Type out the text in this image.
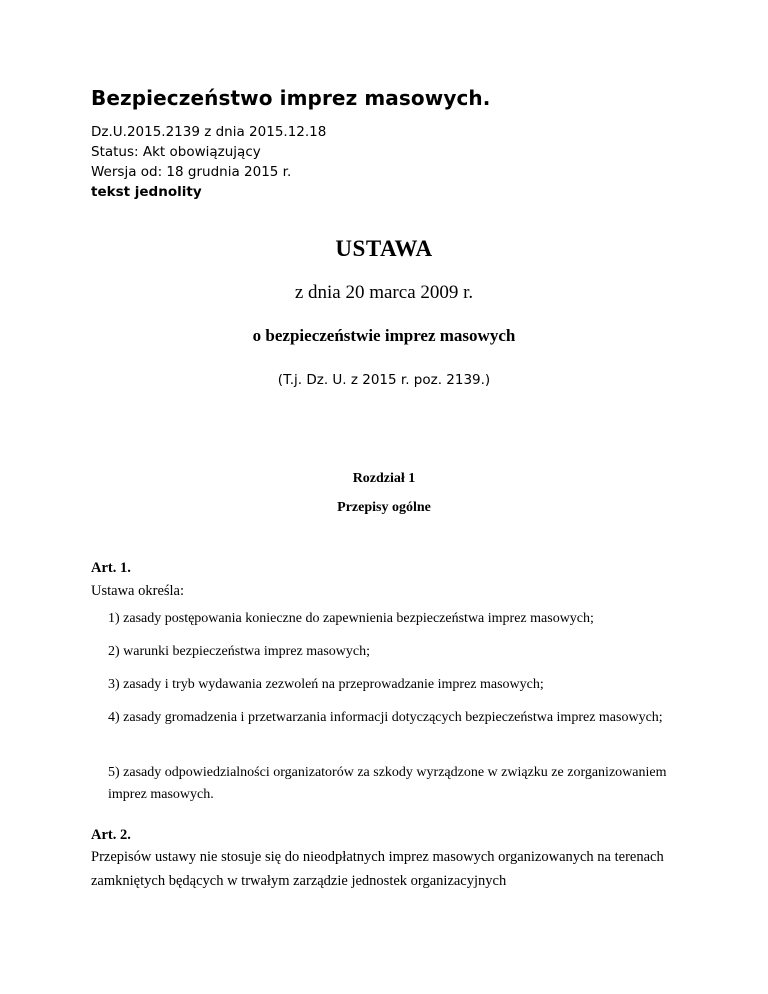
Bezpieczeństwo imprez masowych.
Dz.U.2015.2139 z dnia 2015.12.18
Status: Akt obowiązujący
Wersja od: 18 grudnia 2015 r.
tekst jednolity
USTAWA
z dnia 20 marca 2009 r.
o bezpieczeństwie imprez masowych
(T.j. Dz. U. z 2015 r. poz. 2139.)
Rozdział 1
Przepisy ogólne
Art. 1.
Ustawa określa:
1) zasady postępowania konieczne do zapewnienia bezpieczeństwa imprez masowych;
2) warunki bezpieczeństwa imprez masowych;
3) zasady i tryb wydawania zezwoleń na przeprowadzanie imprez masowych;
4) zasady gromadzenia i przetwarzania informacji dotyczących bezpieczeństwa imprez masowych;
5) zasady odpowiedzialności organizatorów za szkody wyrządzone w związku ze zorganizowaniem imprez masowych.
Art. 2.
Przepisów ustawy nie stosuje się do nieodpłatnych imprez masowych organizowanych na terenach zamkniętych będących w trwałym zarządzie jednostek organizacyjnych
